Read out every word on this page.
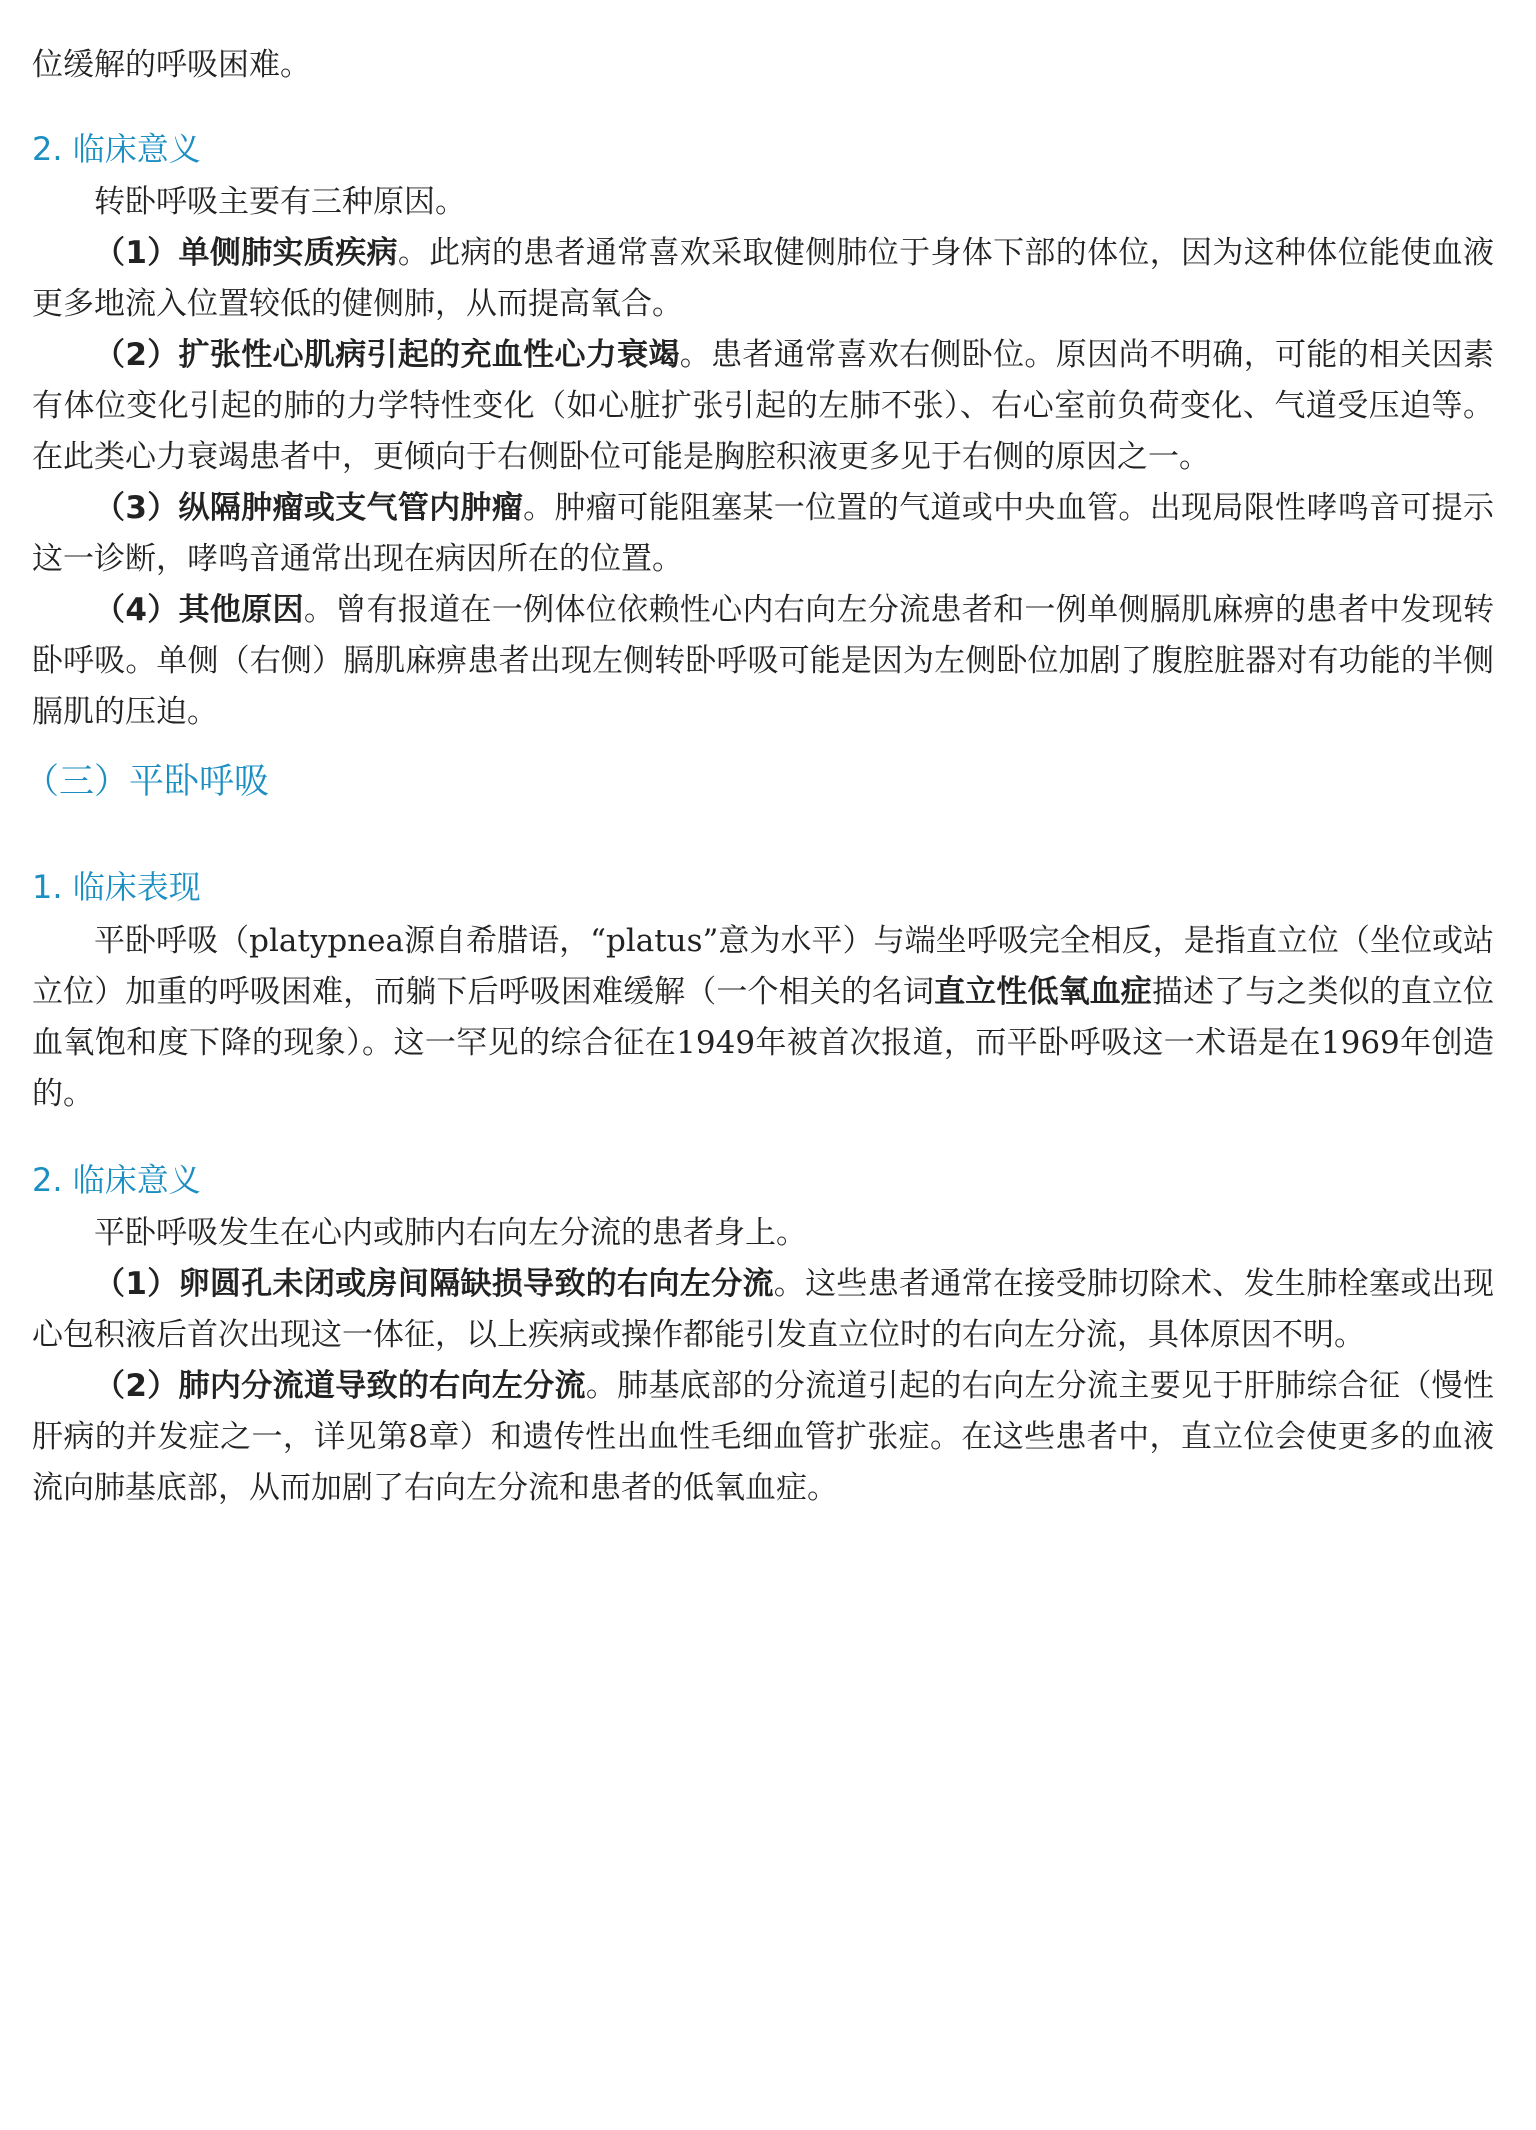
位缓解的呼吸困难。

2. 临床意义

转卧呼吸主要有三种原因。

（1）单侧肺实质疾病。此病的患者通常喜欢采取健侧肺位于身体下部的体位，因为这种体位能使血液更多地流入位置较低的健侧肺，从而提高氧合。

（2）扩张性心肌病引起的充血性心力衰竭。患者通常喜欢右侧卧位。原因尚不明确，可能的相关因素有体位变化引起的肺的力学特性变化（如心脏扩张引起的左肺不张）、右心室前负荷变化、气道受压迫等。在此类心力衰竭患者中，更倾向于右侧卧位可能是胸腔积液更多见于右侧的原因之一。

（3）纵隔肿瘤或支气管内肿瘤。肿瘤可能阻塞某一位置的气道或中央血管。出现局限性哮鸣音可提示这一诊断，哮鸣音通常出现在病因所在的位置。

（4）其他原因。曾有报道在一例体位依赖性心内右向左分流患者和一例单侧膈肌麻痹的患者中发现转卧呼吸。单侧（右侧）膈肌麻痹患者出现左侧转卧呼吸可能是因为左侧卧位加剧了腹腔脏器对有功能的半侧膈肌的压迫。

（三）平卧呼吸
1. 临床表现

平卧呼吸（platypnea源自希腊语，“platus”意为水平）与端坐呼吸完全相反，是指直立位（坐位或站立位）加重的呼吸困难，而躺下后呼吸困难缓解（一个相关的名词直立性低氧血症描述了与之类似的直立位血氧饱和度下降的现象）。这一罕见的综合征在1949年被首次报道，而平卧呼吸这一术语是在1969年创造的。

2. 临床意义

平卧呼吸发生在心内或肺内右向左分流的患者身上。

（1）卵圆孔未闭或房间隔缺损导致的右向左分流。这些患者通常在接受肺切除术、发生肺栓塞或出现心包积液后首次出现这一体征，以上疾病或操作都能引发直立位时的右向左分流，具体原因不明。

（2）肺内分流道导致的右向左分流。肺基底部的分流道引起的右向左分流主要见于肝肺综合征（慢性肝病的并发症之一，详见第8章）和遗传性出血性毛细血管扩张症。在这些患者中，直立位会使更多的血液流向肺基底部，从而加剧了右向左分流和患者的低氧血症。
